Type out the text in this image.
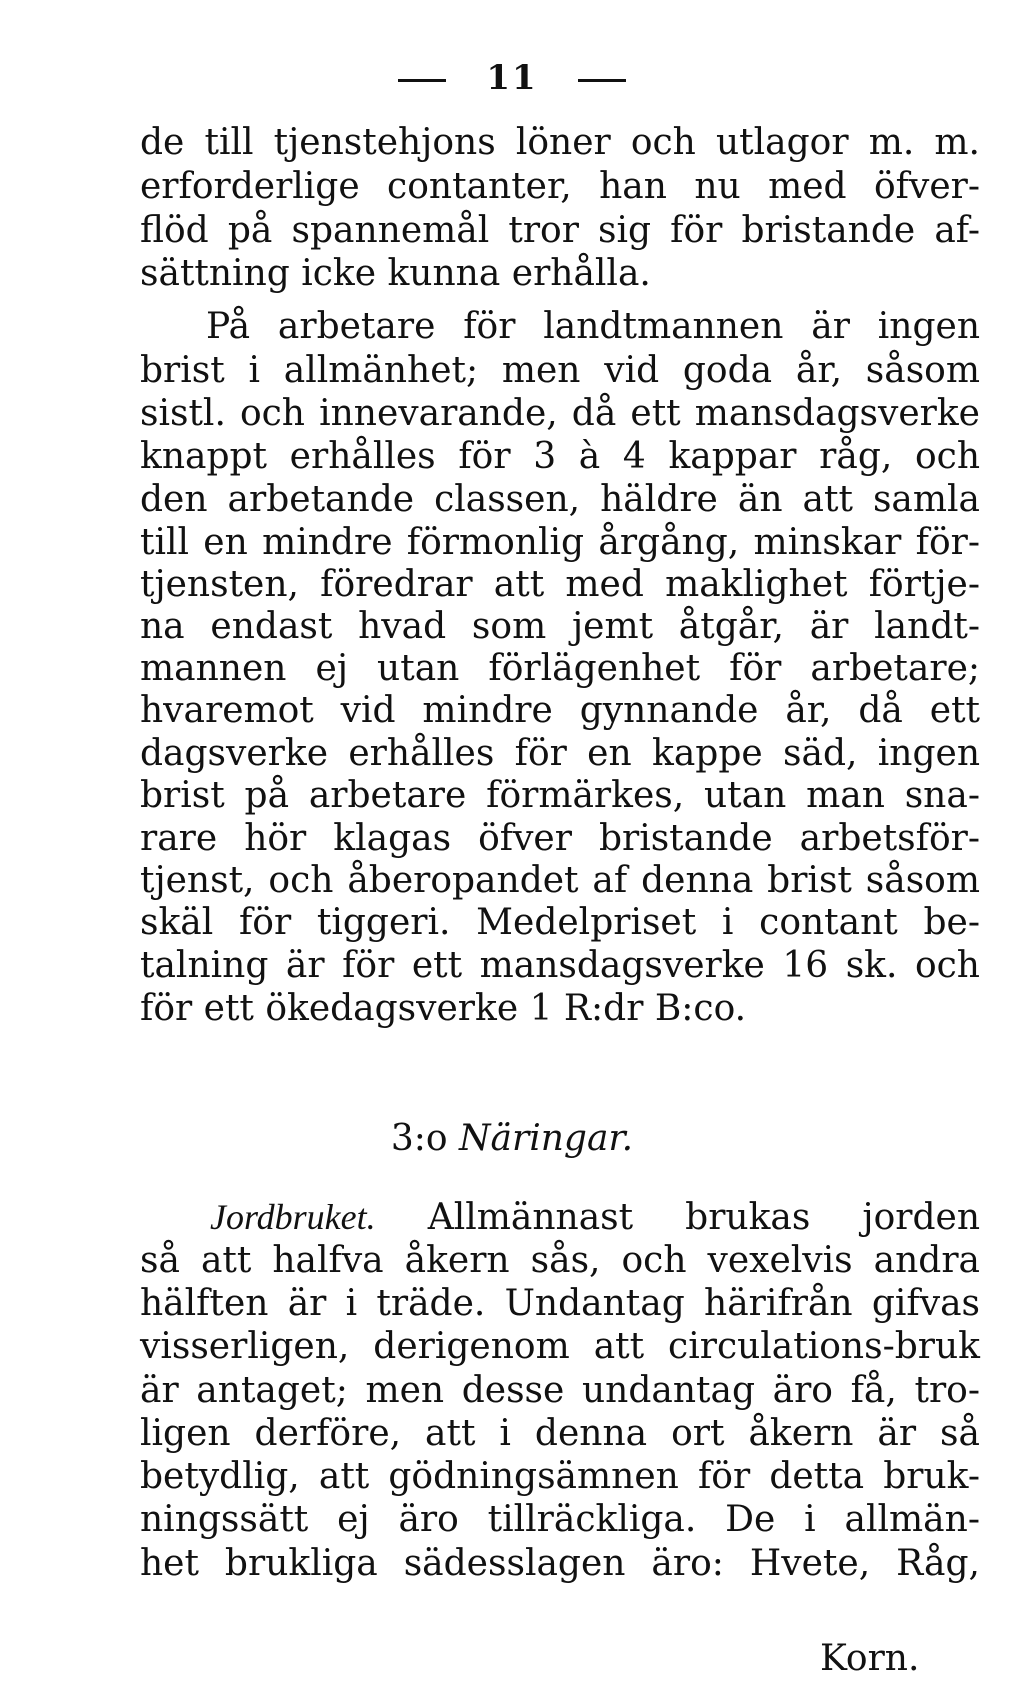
11
de till tjenstehjons löner och utlagor m. m.
erforderlige contanter, han nu med öfver-
flöd på spannemål tror sig för bristande af-
sättning icke kunna erhålla.
På arbetare för landtmannen är ingen
brist i allmänhet; men vid goda år, såsom
sistl. och innevarande, då ett mansdagsverke
knappt erhålles för 3 à 4 kappar råg, och
den arbetande classen, häldre än att samla
till en mindre förmonlig årgång, minskar för-
tjensten, föredrar att med maklighet förtje-
na endast hvad som jemt åtgår, är landt-
mannen ej utan förlägenhet för arbetare;
hvaremot vid mindre gynnande år, då ett
dagsverke erhålles för en kappe säd, ingen
brist på arbetare förmärkes, utan man sna-
rare hör klagas öfver bristande arbetsför-
tjenst, och åberopandet af denna brist såsom
skäl för tiggeri. Medelpriset i contant be-
talning är för ett mansdagsverke 16 sk. och
för ett ökedagsverke 1 R:dr B:co.
3:o Näringar.
Jordbruket. Allmännast brukas jorden
så att halfva åkern sås, och vexelvis andra
hälften är i träde. Undantag härifrån gifvas
visserligen, derigenom att circulations-bruk
är antaget; men desse undantag äro få, tro-
ligen derföre, att i denna ort åkern är så
betydlig, att gödningsämnen för detta bruk-
ningssätt ej äro tillräckliga. De i allmän-
het brukliga sädesslagen äro: Hvete, Råg,
Korn.
